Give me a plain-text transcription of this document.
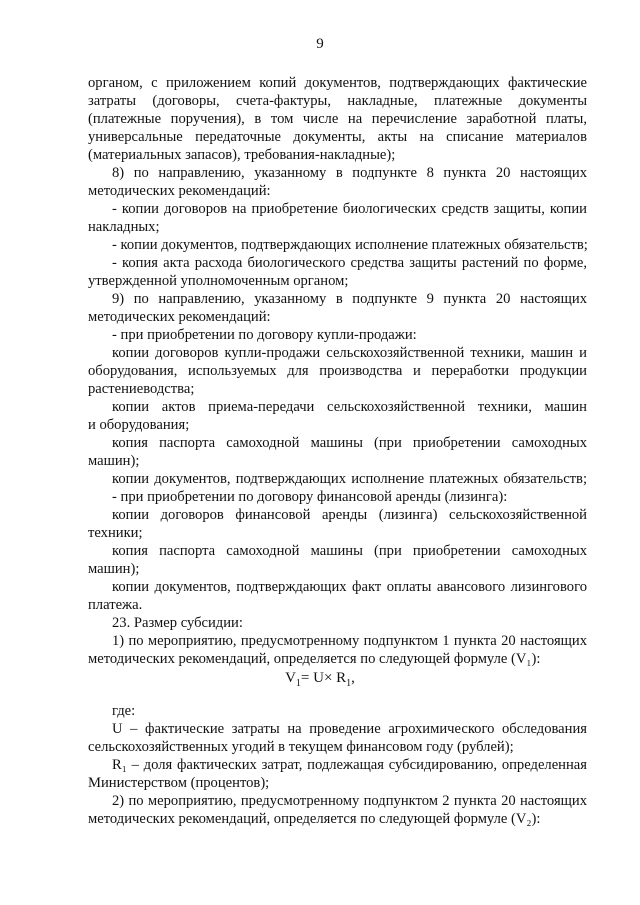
9
органом, с приложением копий документов, подтверждающих фактические
затраты (договоры, счета-фактуры, накладные, платежные документы
(платежные поручения), в том числе на перечисление заработной платы,
универсальные передаточные документы, акты на списание материалов
(материальных запасов), требования-накладные);
8) по направлению, указанному в подпункте 8 пункта 20 настоящих
методических рекомендаций:
- копии договоров на приобретение биологических средств защиты, копии
накладных;
- копии документов, подтверждающих исполнение платежных обязательств;
- копия акта расхода биологического средства защиты растений по форме,
утвержденной уполномоченным органом;
9) по направлению, указанному в подпункте 9 пункта 20 настоящих
методических рекомендаций:
- при приобретении по договору купли-продажи:
копии договоров купли-продажи сельскохозяйственной техники, машин и
оборудования, используемых для производства и переработки продукции
растениеводства;
копии актов приема-передачи сельскохозяйственной техники, машин
и оборудования;
копия паспорта самоходной машины (при приобретении самоходных
машин);
копии документов, подтверждающих исполнение платежных обязательств;
- при приобретении по договору финансовой аренды (лизинга):
копии договоров финансовой аренды (лизинга) сельскохозяйственной
техники;
копия паспорта самоходной машины (при приобретении самоходных
машин);
копии документов, подтверждающих факт оплаты авансового лизингового
платежа.
23. Размер субсидии:
1) по мероприятию, предусмотренному подпунктом 1 пункта 20 настоящих
методических рекомендаций, определяется по следующей формуле (V₁):
$V_1= U\times R_1$,
где:
U – фактические затраты на проведение агрохимического обследования
сельскохозяйственных угодий в текущем финансовом году (рублей);
R₁ – доля фактических затрат, подлежащая субсидированию, определенная
Министерством (процентов);
2) по мероприятию, предусмотренному подпунктом 2 пункта 20 настоящих
методических рекомендаций, определяется по следующей формуле (V₂):
